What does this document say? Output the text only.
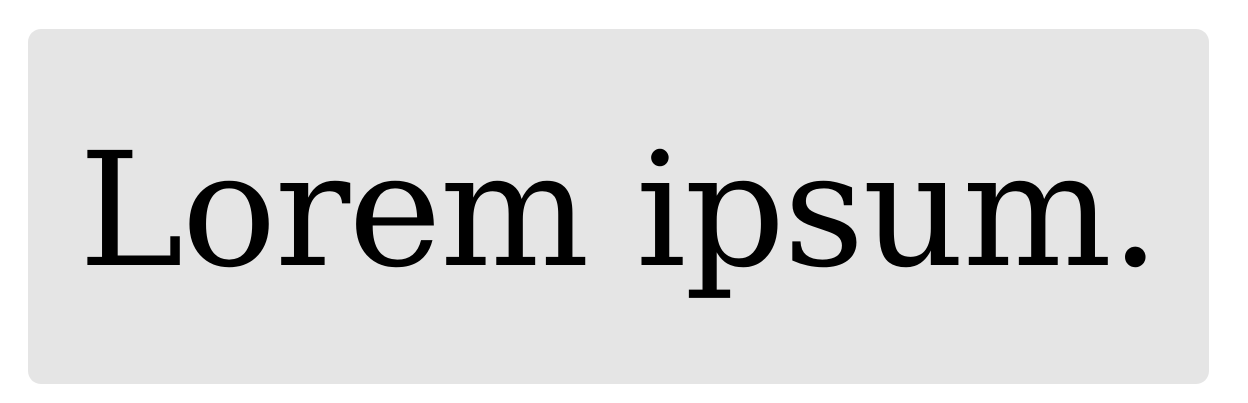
Lorem ipsum.
